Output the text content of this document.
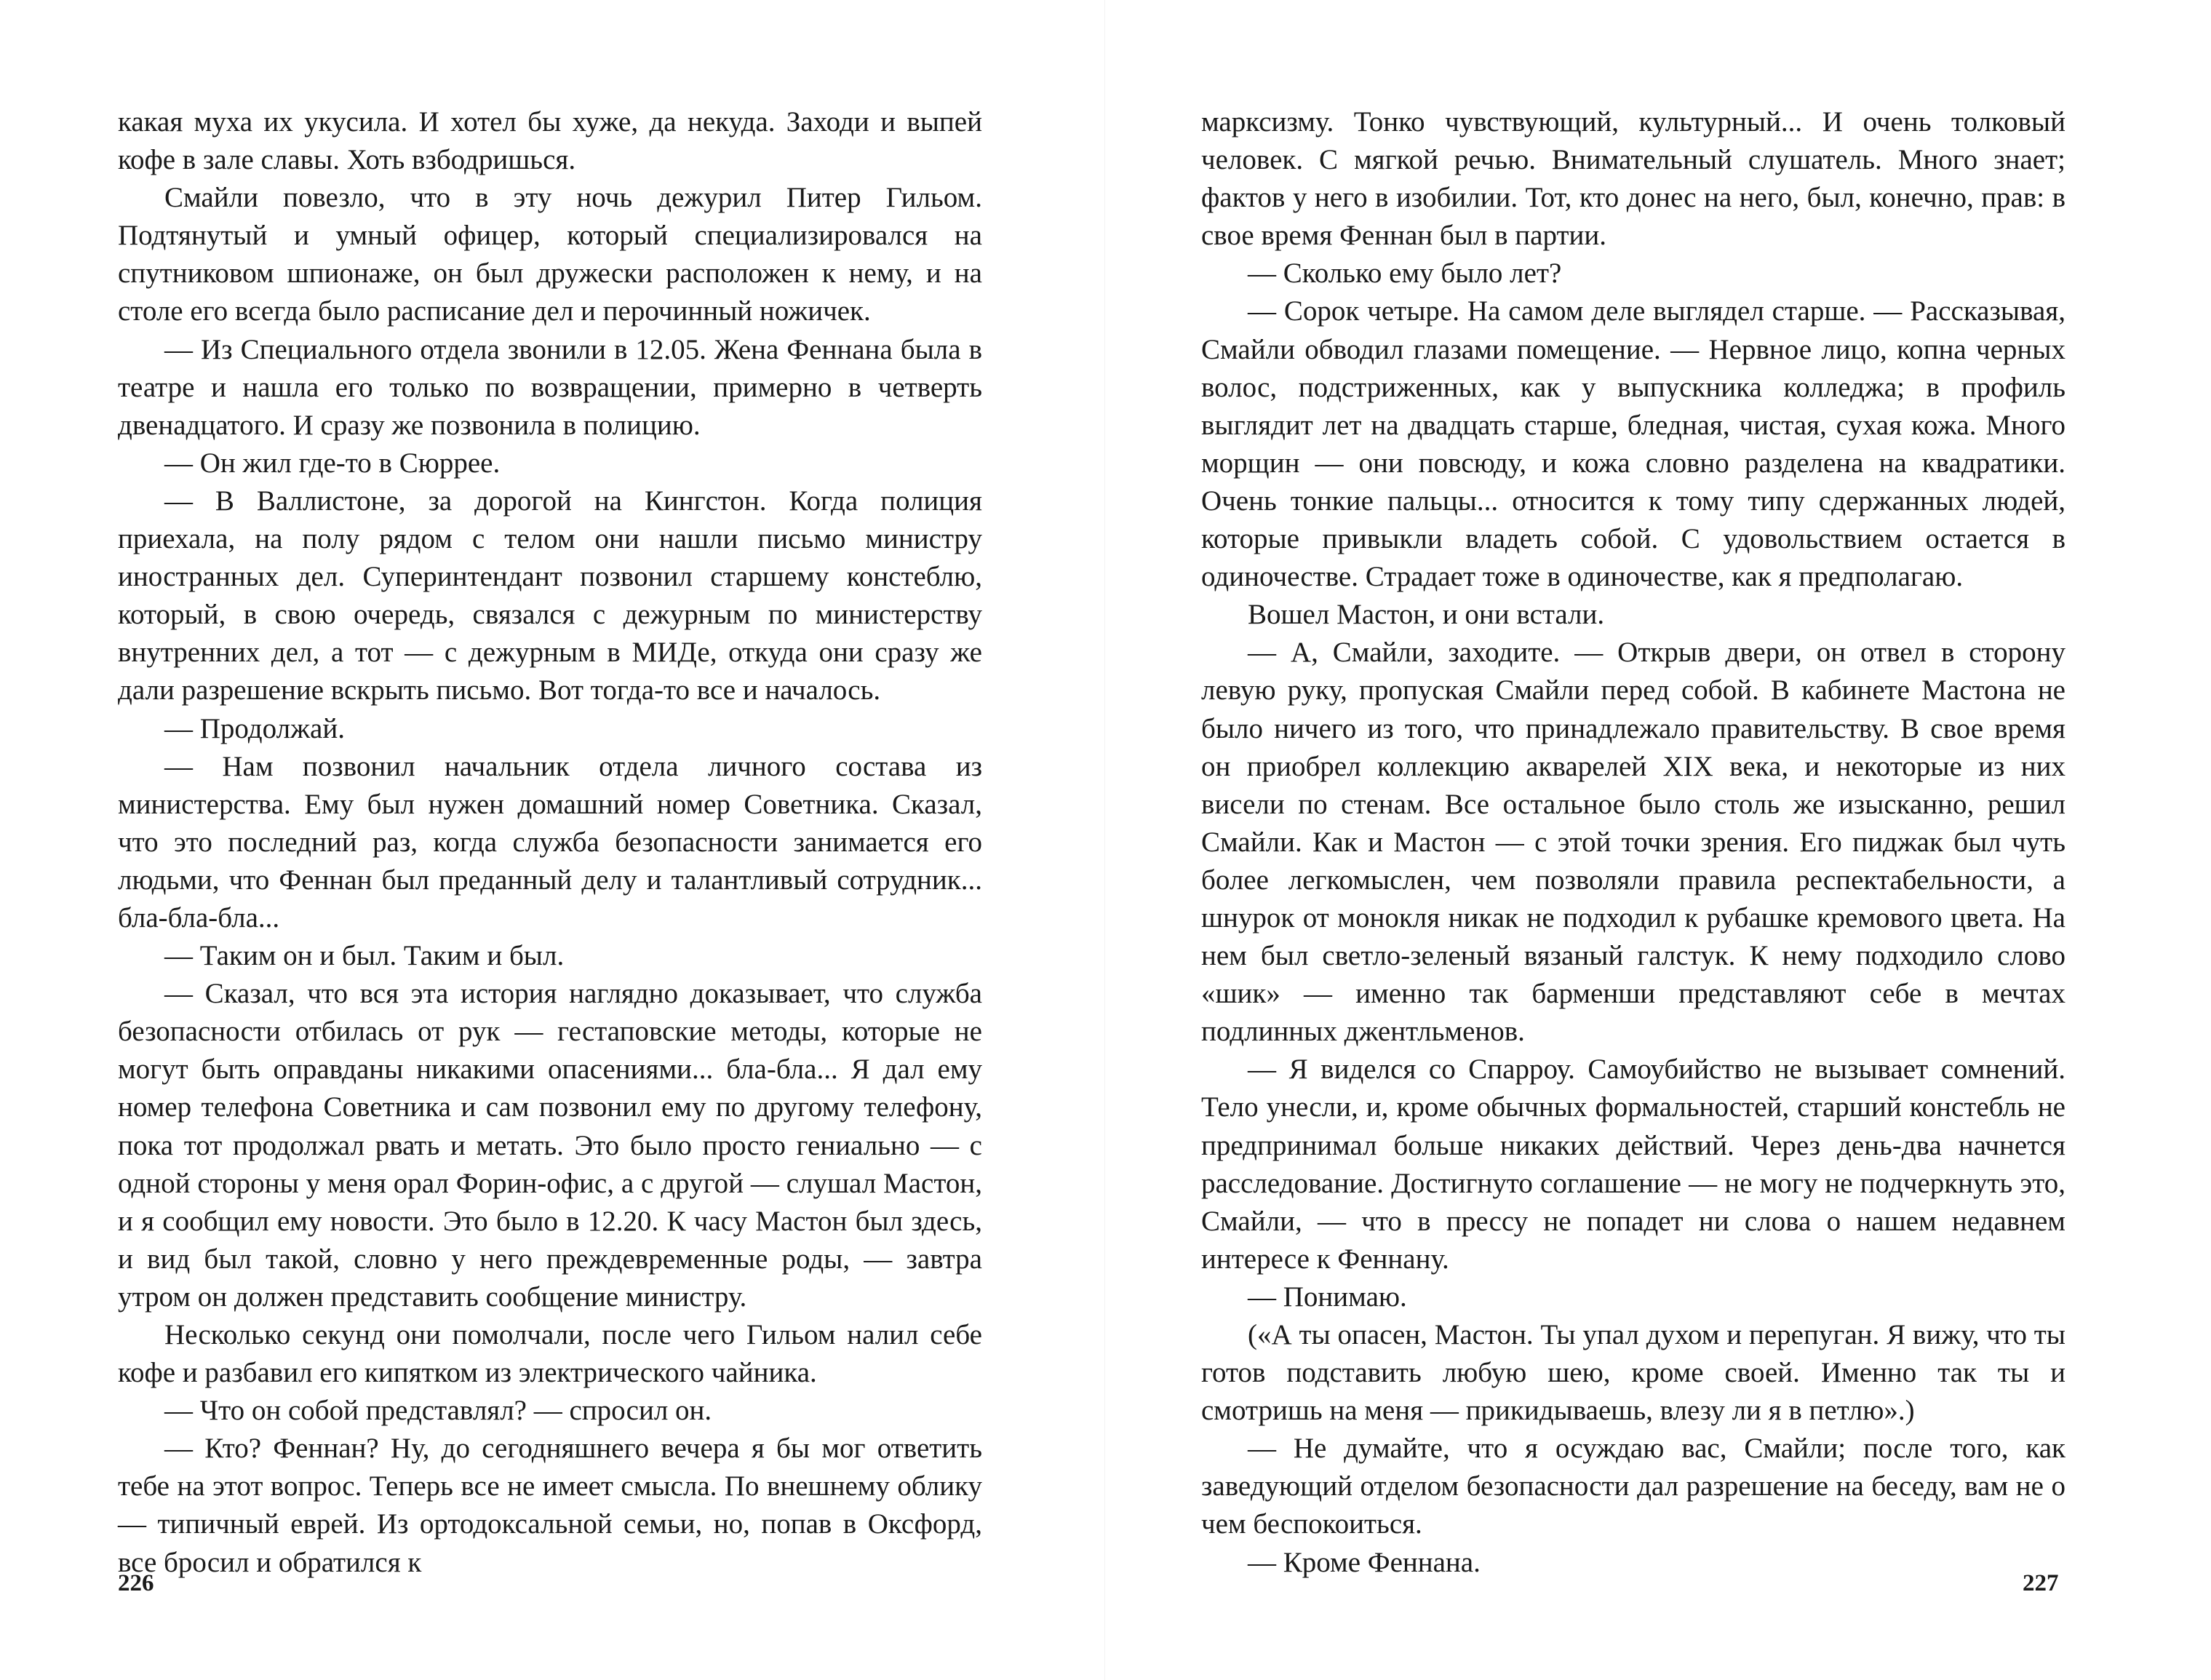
какая муха их укусила. И хотел бы хуже, да некуда. Заходи и выпей кофе в зале славы. Хоть взбодришься.

Смайли повезло, что в эту ночь дежурил Питер Гильом. Подтянутый и умный офицер, который специализировался на спутниковом шпионаже, он был дружески расположен к нему, и на столе его всегда было расписание дел и перочинный ножичек.

— Из Специального отдела звонили в 12.05. Жена Феннана была в театре и нашла его только по возвращении, примерно в четверть двенадцатого. И сразу же позвонила в полицию.

— Он жил где-то в Сюррее.

— В Валлистоне, за дорогой на Кингстон. Когда полиция приехала, на полу рядом с телом они нашли письмо министру иностранных дел. Суперинтендант позвонил старшему констеблю, который, в свою очередь, связался с дежурным по министерству внутренних дел, а тот — с дежурным в МИДе, откуда они сразу же дали разрешение вскрыть письмо. Вот тогда-то все и началось.

— Продолжай.

— Нам позвонил начальник отдела личного состава из министерства. Ему был нужен домашний номер Советника. Сказал, что это последний раз, когда служба безопасности занимается его людьми, что Феннан был преданный делу и талантливый сотрудник... бла-бла-бла...

— Таким он и был. Таким и был.

— Сказал, что вся эта история наглядно доказывает, что служба безопасности отбилась от рук — гестаповские методы, которые не могут быть оправданы никакими опасениями... бла-бла... Я дал ему номер телефона Советника и сам позвонил ему по другому телефону, пока тот продолжал рвать и метать. Это было просто гениально — с одной стороны у меня орал Форин-офис, а с другой — слушал Мастон, и я сообщил ему новости. Это было в 12.20. К часу Мастон был здесь, и вид был такой, словно у него преждевременные роды, — завтра утром он должен представить сообщение министру.

Несколько секунд они помолчали, после чего Гильом налил себе кофе и разбавил его кипятком из электрического чайника.

— Что он собой представлял? — спросил он.

— Кто? Феннан? Ну, до сегодняшнего вечера я бы мог ответить тебе на этот вопрос. Теперь все не имеет смысла. По внешнему облику — типичный еврей. Из ортодоксальной семьи, но, попав в Оксфорд, все бросил и обратился к

226

марксизму. Тонко чувствующий, культурный... И очень толковый человек. С мягкой речью. Внимательный слушатель. Много знает; фактов у него в изобилии. Тот, кто донес на него, был, конечно, прав: в свое время Феннан был в партии.

— Сколько ему было лет?

— Сорок четыре. На самом деле выглядел старше. — Рассказывая, Смайли обводил глазами помещение. — Нервное лицо, копна черных волос, подстриженных, как у выпускника колледжа; в профиль выглядит лет на двадцать старше, бледная, чистая, сухая кожа. Много морщин — они повсюду, и кожа словно разделена на квадратики. Очень тонкие пальцы... относится к тому типу сдержанных людей, которые привыкли владеть собой. С удовольствием остается в одиночестве. Страдает тоже в одиночестве, как я предполагаю.

Вошел Мастон, и они встали.

— А, Смайли, заходите. — Открыв двери, он отвел в сторону левую руку, пропуская Смайли перед собой. В кабинете Мастона не было ничего из того, что принадлежало правительству. В свое время он приобрел коллекцию акварелей XIX века, и некоторые из них висели по стенам. Все остальное было столь же изысканно, решил Смайли. Как и Мастон — с этой точки зрения. Его пиджак был чуть более легкомыслен, чем позволяли правила респектабельности, а шнурок от монокля никак не подходил к рубашке кремового цвета. На нем был светло-зеленый вязаный галстук. К нему подходило слово «шик» — именно так барменши представляют себе в мечтах подлинных джентльменов.

— Я виделся со Спарроу. Самоубийство не вызывает сомнений. Тело унесли, и, кроме обычных формальностей, старший констебль не предпринимал больше никаких действий. Через день-два начнется расследование. Достигнуто соглашение — не могу не подчеркнуть это, Смайли, — что в прессу не попадет ни слова о нашем недавнем интересе к Феннану.

— Понимаю.

(«А ты опасен, Мастон. Ты упал духом и перепуган. Я вижу, что ты готов подставить любую шею, кроме своей. Именно так ты и смотришь на меня — прикидываешь, влезу ли я в петлю».)

— Не думайте, что я осуждаю вас, Смайли; после того, как заведующий отделом безопасности дал разрешение на беседу, вам не о чем беспокоиться.

— Кроме Феннана.

227
